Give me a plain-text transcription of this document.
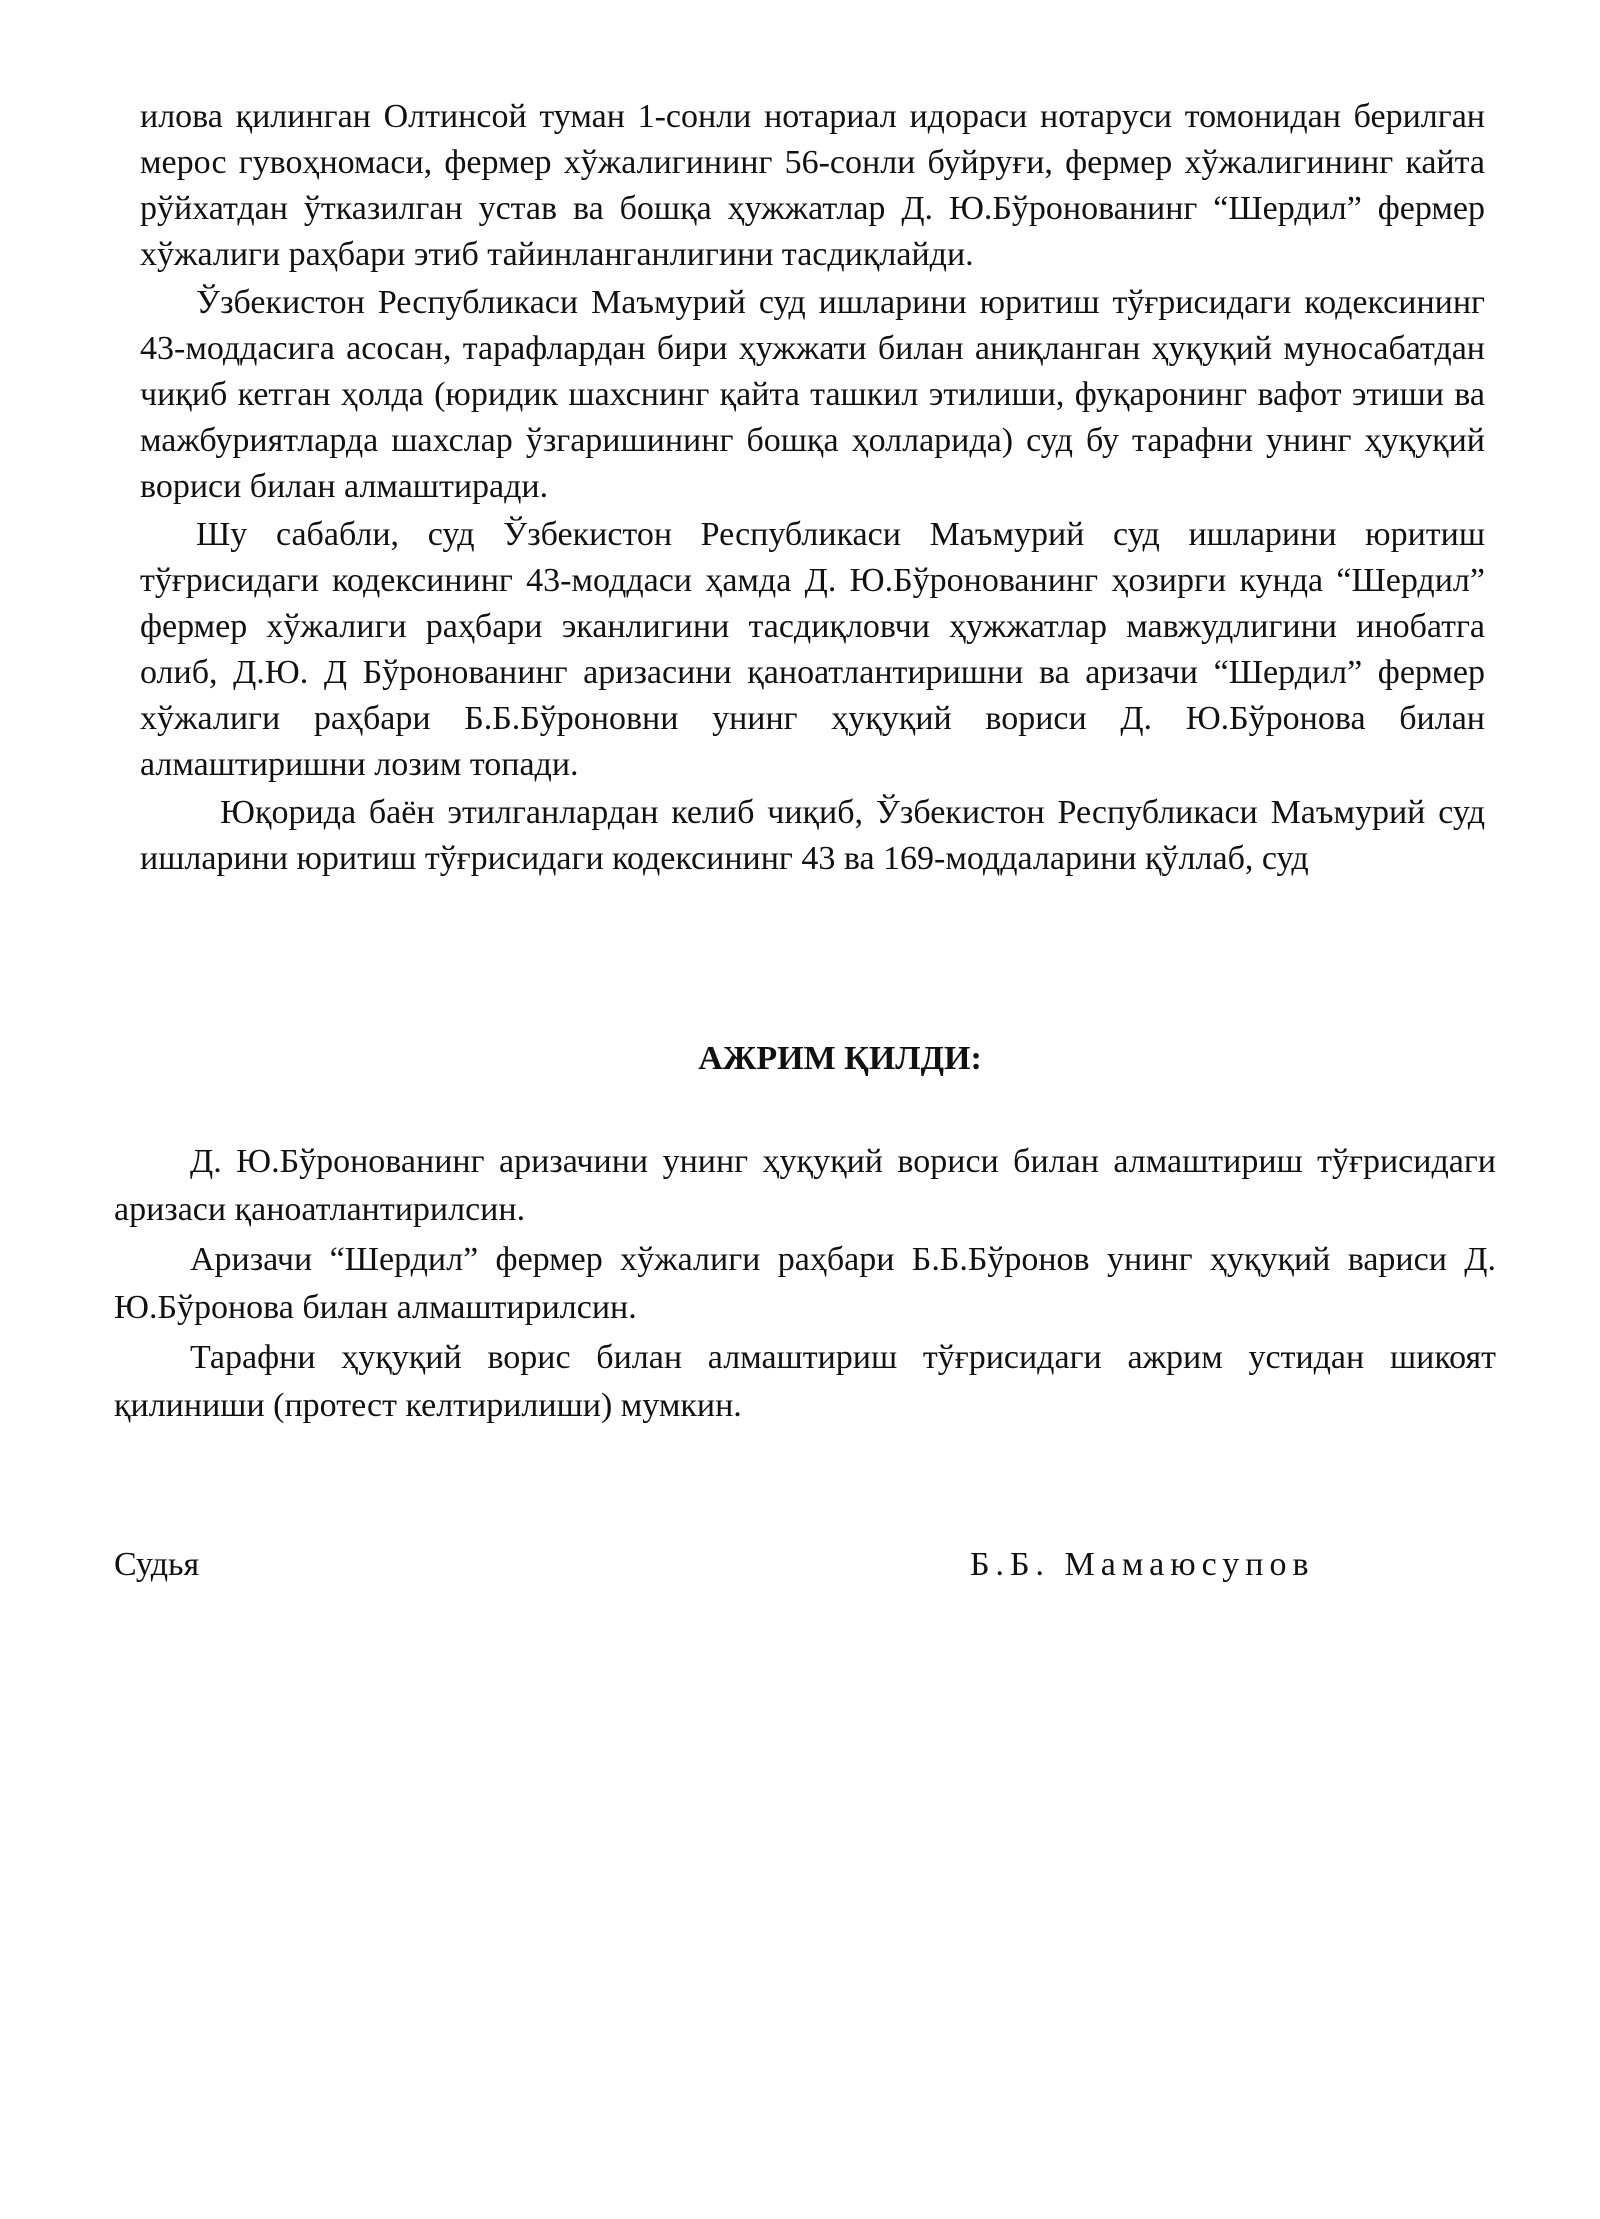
илова қилинган Олтинсой туман 1-сонли нотариал идораси нотаруси томонидан берилган мерос гувоҳномаси, фермер хўжалигининг 56-сонли буйруғи, фермер хўжалигининг кайта рўйхатдан ўтказилган устав ва бошқа ҳужжатлар Д. Ю.Бўронованинг “Шердил” фермер хўжалиги раҳбари этиб тайинланганлигини тасдиқлайди.

Ўзбекистон Республикаси Маъмурий суд ишларини юритиш тўғрисидаги кодексининг 43-моддасига асосан, тарафлардан бири ҳужжати билан аниқланган ҳуқуқий муносабатдан чиқиб кетган ҳолда (юридик шахснинг қайта ташкил этилиши, фуқаронинг вафот этиши ва мажбуриятларда шахслар ўзгаришининг бошқа ҳолларида) суд бу тарафни унинг ҳуқуқий вориси билан алмаштиради.

Шу сабабли, суд Ўзбекистон Республикаси Маъмурий суд ишларини юритиш тўғрисидаги кодексининг 43-моддаси ҳамда Д. Ю.Бўронованинг ҳозирги кунда “Шердил” фермер хўжалиги раҳбари эканлигини тасдиқловчи ҳужжатлар мавжудлигини инобатга олиб, Д.Ю. Д Бўронованинг аризасини қаноатлантиришни ва аризачи “Шердил” фермер хўжалиги раҳбари Б.Б.Бўроновни унинг ҳуқуқий вориси Д. Ю.Бўронова билан алмаштиришни лозим топади.

Юқорида баён этилганлардан келиб чиқиб, Ўзбекистон Республикаси Маъмурий суд ишларини юритиш тўғрисидаги кодексининг 43 ва 169-моддаларини қўллаб, суд

АЖРИМ ҚИЛДИ:

Д. Ю.Бўронованинг аризачини унинг ҳуқуқий вориси билан алмаштириш тўғрисидаги аризаси қаноатлантирилсин.

Аризачи “Шердил” фермер хўжалиги раҳбари Б.Б.Бўронов унинг ҳуқуқий вариси Д. Ю.Бўронова билан алмаштирилсин.

Тарафни ҳуқуқий ворис билан алмаштириш тўғрисидаги ажрим устидан шикоят қилиниши (протест келтирилиши) мумкин.

Судья	Б.Б. Мамаюсупов
